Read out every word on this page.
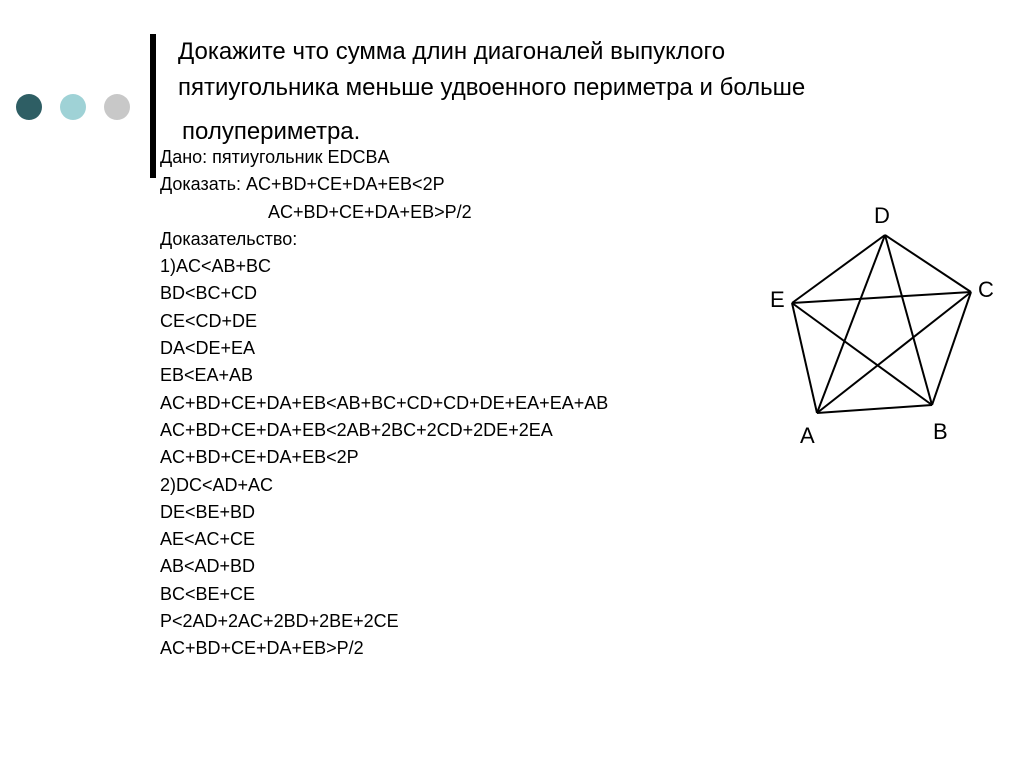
Докажите что сумма длин диагоналей выпуклого
пятиугольника меньше удвоенного периметра и больше

полупериметра.
Дано: пятиугольник EDCBA
Доказать: AC+BD+CE+DA+EB<2P
AC+BD+CE+DA+EB>P/2
Доказательство:
1)AC<AB+BC
BD<BC+CD
CE<CD+DE
DA<DE+EA
EB<EA+AB
AC+BD+CE+DA+EB<AB+BC+CD+CD+DE+EA+EA+AB
AC+BD+CE+DA+EB<2AB+2BC+2CD+2DE+2EA
AC+BD+CE+DA+EB<2P
2)DC<AD+AC
DE<BE+BD
AE<AC+CE
AB<AD+BD
BC<BE+CE
P<2AD+2AC+2BD+2BE+2CE
AC+BD+CE+DA+EB>P/2
D
C
E
A	B
